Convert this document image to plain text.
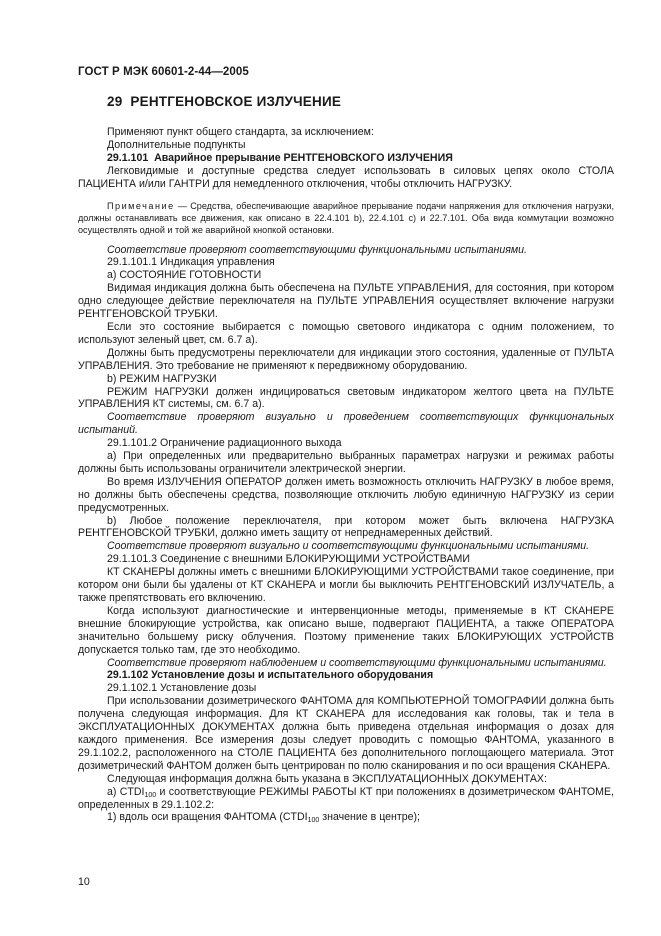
ГОСТ Р МЭК 60601-2-44—2005
29 РЕНТГЕНОВСКОЕ ИЗЛУЧЕНИЕ

Применяют пункт общего стандарта, за исключением:

Дополнительные подпункты

29.1.101 Аварийное прерывание РЕНТГЕНОВСКОГО ИЗЛУЧЕНИЯ

Легковидимые и доступные средства следует использовать в силовых цепях около СТОЛА ПАЦИЕНТА и/или ГАНТРИ для немедленного отключения, чтобы отключить НАГРУЗКУ.

Примечание — Средства, обеспечивающие аварийное прерывание подачи напряжения для отключения нагрузки, должны останавливать все движения, как описано в 22.4.101 b), 22.4.101 с) и 22.7.101. Оба вида коммутации возможно осуществлять одной и той же аварийной кнопкой остановки.

Соответствие проверяют соответствующими функциональными испытаниями.

29.1.101.1 Индикация управления

а) СОСТОЯНИЕ ГОТОВНОСТИ

Видимая индикация должна быть обеспечена на ПУЛЬТЕ УПРАВЛЕНИЯ, для состояния, при котором одно следующее действие переключателя на ПУЛЬТЕ УПРАВЛЕНИЯ осуществляет включение нагрузки РЕНТГЕНОВСКОЙ ТРУБКИ.

Если это состояние выбирается с помощью светового индикатора с одним положением, то используют зеленый цвет, см. 6.7 а).

Должны быть предусмотрены переключатели для индикации этого состояния, удаленные от ПУЛЬТА УПРАВЛЕНИЯ. Это требование не применяют к передвижному оборудованию.

b) РЕЖИМ НАГРУЗКИ

РЕЖИМ НАГРУЗКИ должен индицироваться световым индикатором желтого цвета на ПУЛЬТЕ УПРАВЛЕНИЯ КТ системы, см. 6.7 а).

Соответствие проверяют визуально и проведением соответствующих функциональных испытаний.

29.1.101.2 Ограничение радиационного выхода

а) При определенных или предварительно выбранных параметрах нагрузки и режимах работы должны быть использованы ограничители электрической энергии.

Во время ИЗЛУЧЕНИЯ ОПЕРАТОР должен иметь возможность отключить НАГРУЗКУ в любое время, но должны быть обеспечены средства, позволяющие отключить любую единичную НАГРУЗКУ из серии предусмотренных.

b) Любое положение переключателя, при котором может быть включена НАГРУЗКА РЕНТГЕНОВСКОЙ ТРУБКИ, должно иметь защиту от непреднамеренных действий.

Соответствие проверяют визуально и соответствующими функциональными испытаниями.

29.1.101.3 Соединение с внешними БЛОКИРУЮЩИМИ УСТРОЙСТВАМИ

КТ СКАНЕРЫ должны иметь с внешними БЛОКИРУЮЩИМИ УСТРОЙСТВАМИ такое соединение, при котором они были бы удалены от КТ СКАНЕРА и могли бы выключить РЕНТГЕНОВСКИЙ ИЗЛУЧАТЕЛЬ, а также препятствовать его включению.

Когда используют диагностические и интервенционные методы, применяемые в КТ СКАНЕРЕ внешние блокирующие устройства, как описано выше, подвергают ПАЦИЕНТА, а также ОПЕРАТОРА значительно большему риску облучения. Поэтому применение таких БЛОКИРУЮЩИХ УСТРОЙСТВ допускается только там, где это необходимо.

Соответствие проверяют наблюдением и соответствующими функциональными испытаниями.

29.1.102 Установление дозы и испытательного оборудования

29.1.102.1 Установление дозы

При использовании дозиметрического ФАНТОМА для КОМПЬЮТЕРНОЙ ТОМОГРАФИИ должна быть получена следующая информация. Для КТ СКАНЕРА для исследования как головы, так и тела в ЭКСПЛУАТАЦИОННЫХ ДОКУМЕНТАХ должна быть приведена отдельная информация о дозах для каждого применения. Все измерения дозы следует проводить с помощью ФАНТОМА, указанного в 29.1.102.2, расположенного на СТОЛЕ ПАЦИЕНТА без дополнительного поглощающего материала. Этот дозиметрический ФАНТОМ должен быть центрирован по полю сканирования и по оси вращения СКАНЕРА.

Следующая информация должна быть указана в ЭКСПЛУАТАЦИОННЫХ ДОКУМЕНТАХ:

а) $CTDI_{100}$ и соответствующие РЕЖИМЫ РАБОТЫ КТ при положениях в дозиметрическом ФАНТОМЕ, определенных в 29.1.102.2:

1) вдоль оси вращения ФАНТОМА ($CTDI_{100}$ значение в центре);

10
